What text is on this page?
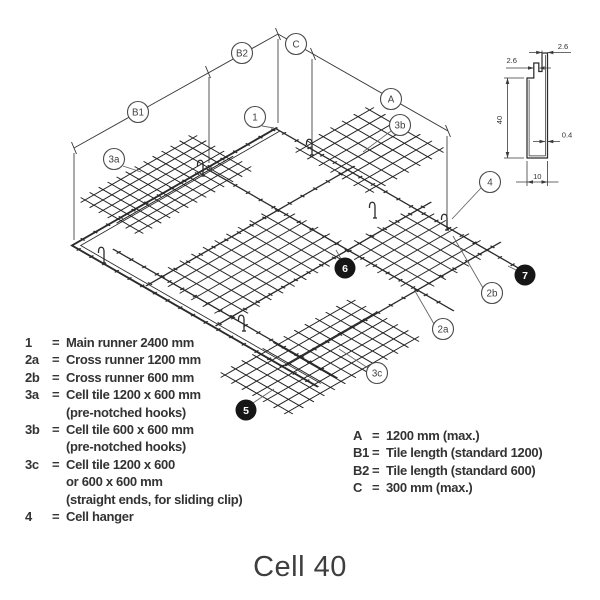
1
3a
3b
4
2b
2a
3c
B1
B2
C
A
5
6
7
40
2.6
2.6
0.4
10
1	= Main runner 2400 mm
2a	= Cross runner 1200 mm
2b = Cross runner 600 mm
3a	= Cell tile 1200 x 600 mm
(pre-notched hooks)
3b = Cell tile 600 x 600 mm
(pre-notched hooks)
3c	= Cell tile 1200 x 600
or 600 x 600 mm
(straight ends, for sliding clip)
4	= Cell hanger
A = 1200 mm (max.)
B1 = Tile length (standard 1200)
B2 = Tile length (standard 600)
C = 300 mm (max.)
Cell 40
